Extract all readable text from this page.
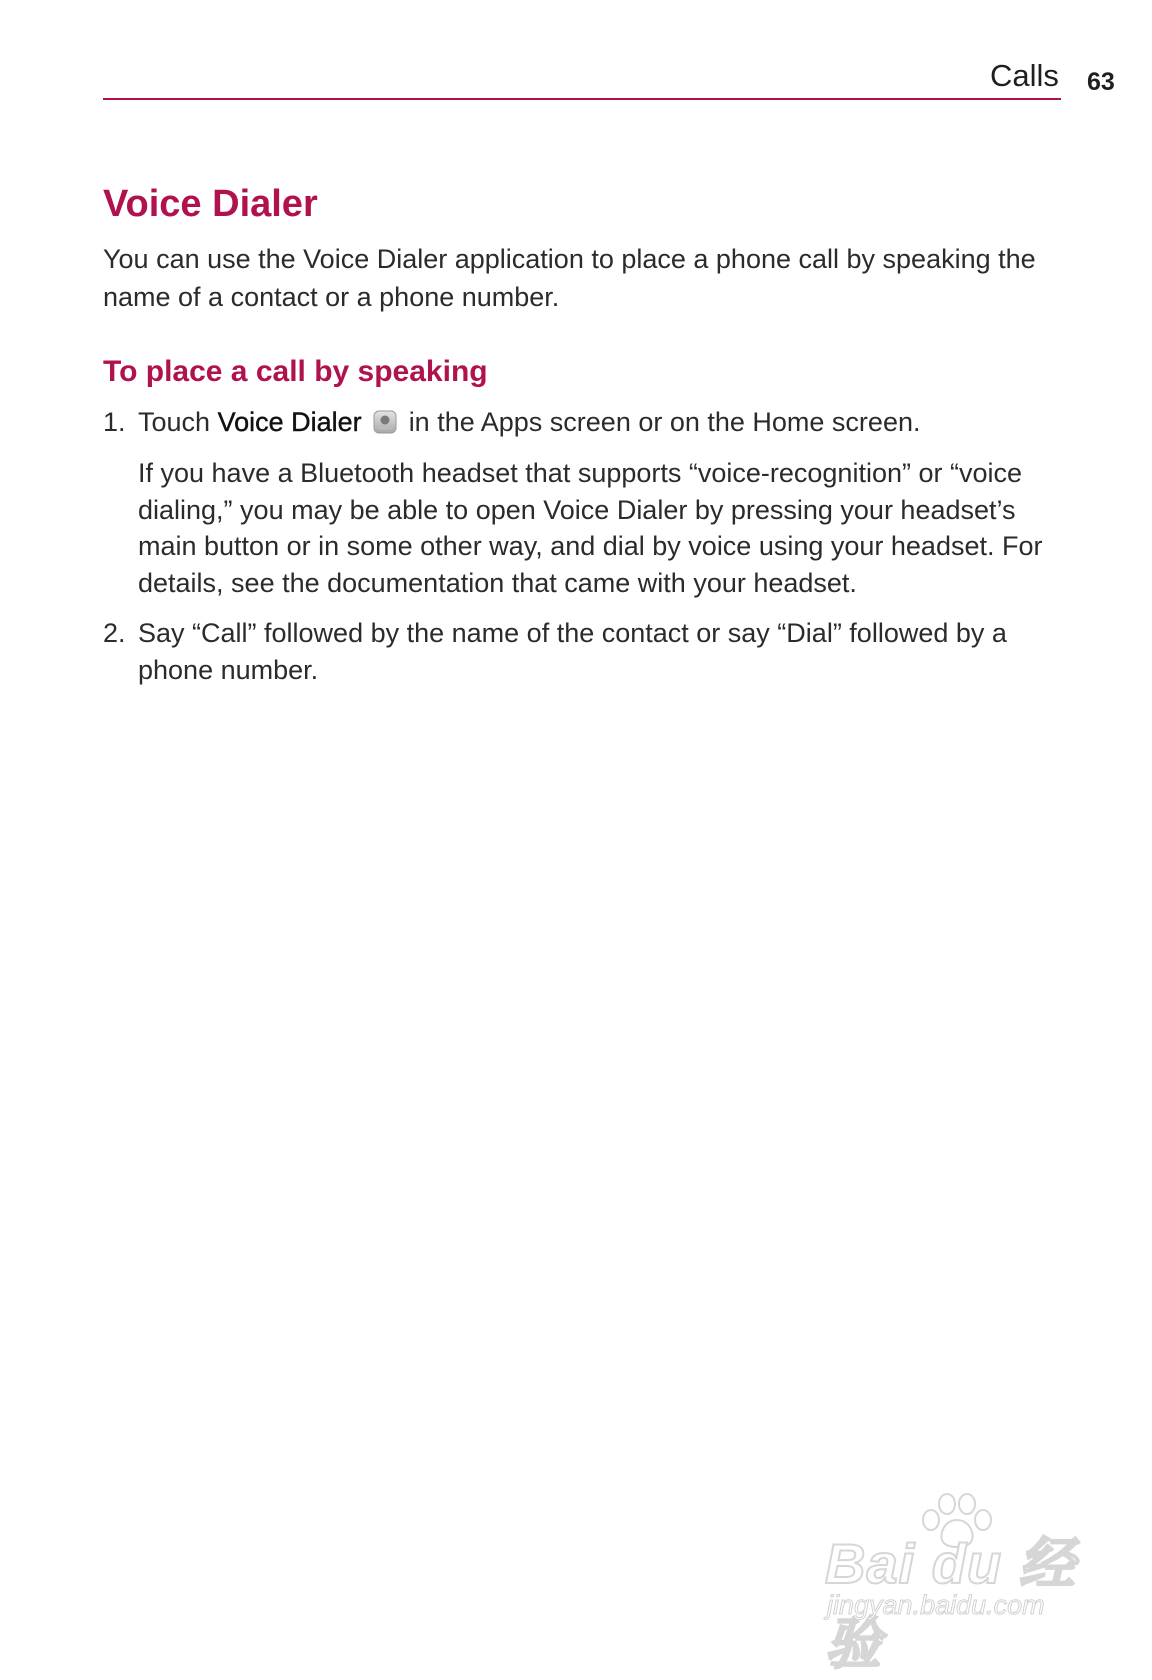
Calls 63
Voice Dialer

You can use the Voice Dialer application to place a phone call by speaking the name of a contact or a phone number.

To place a call by speaking
1. Touch Voice Dialer in the Apps screen or on the Home screen.

If you have a Bluetooth headset that supports “voice-recognition” or “voice dialing,” you may be able to open Voice Dialer by pressing your headset’s main button or in some other way, and dial by voice using your headset. For details, see the documentation that came with your headset.

2. Say “Call” followed by the name of the contact or say “Dial” followed by a phone number.
Bai du 经验
jingyan.baidu.com
